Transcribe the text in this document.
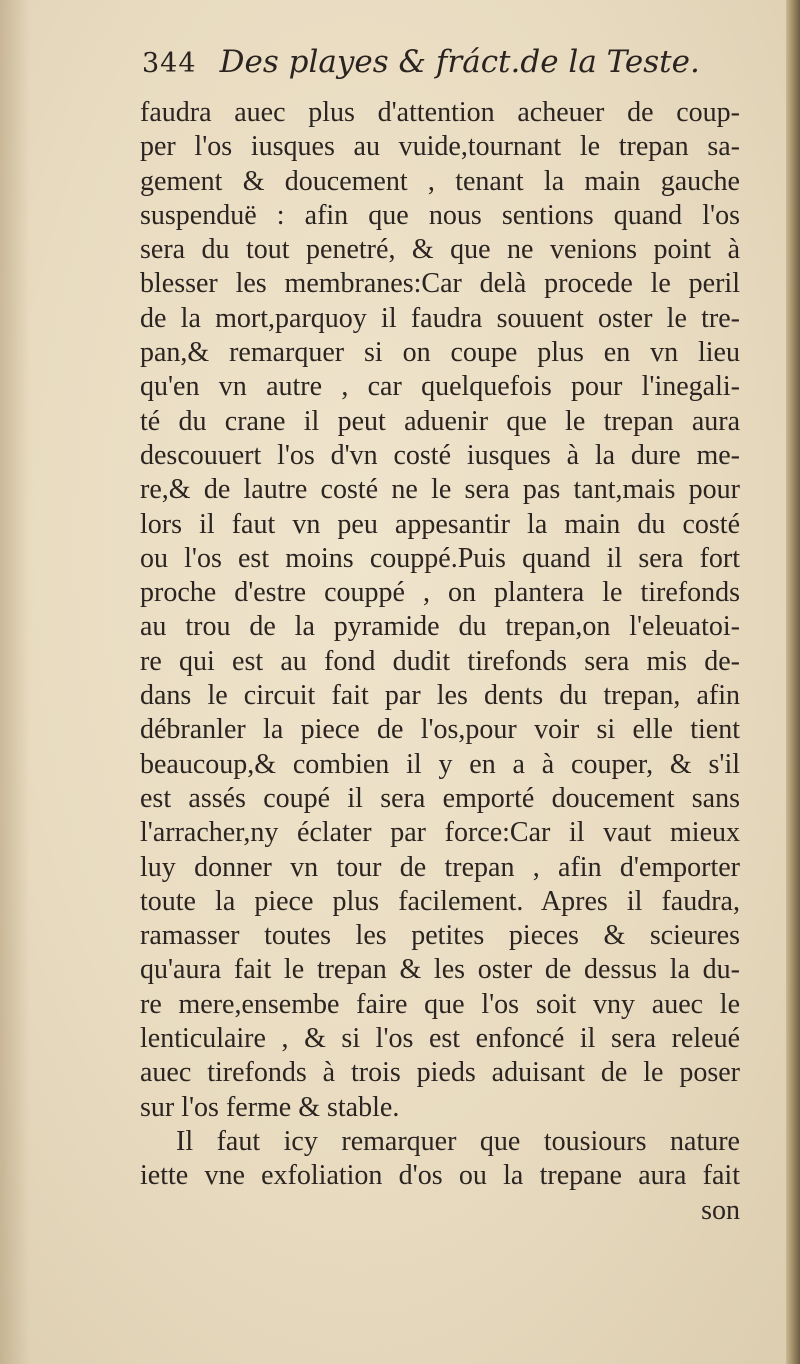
344 Des playes & fráct.de la Teste.
faudra auec plus d'attention acheuer de coup-
per l'os iusques au vuide,tournant le trepan sa-
gement & doucement , tenant la main gauche
suspenduë : afin que nous sentions quand l'os
sera du tout penetré, & que ne venions point à
blesser les membranes:Car delà procede le peril
de la mort,parquoy il faudra souuent oster le tre-
pan,& remarquer si on coupe plus en vn lieu
qu'en vn autre , car quelquefois pour l'inegali-
té du crane il peut aduenir que le trepan aura
descouuert l'os d'vn costé iusques à la dure me-
re,& de lautre costé ne le sera pas tant,mais pour
lors il faut vn peu appesantir la main du costé
ou l'os est moins couppé.Puis quand il sera fort
proche d'estre couppé , on plantera le tirefonds
au trou de la pyramide du trepan,on l'eleuatoi-
re qui est au fond dudit tirefonds sera mis de-
dans le circuit fait par les dents du trepan, afin
débranler la piece de l'os,pour voir si elle tient
beaucoup,& combien il y en a à couper, & s'il
est assés coupé il sera emporté doucement sans
l'arracher,ny éclater par force:Car il vaut mieux
luy donner vn tour de trepan , afin d'emporter
toute la piece plus facilement. Apres il faudra,
ramasser toutes les petites pieces & scieures
qu'aura fait le trepan & les oster de dessus la du-
re mere,ensembe faire que l'os soit vny auec le
lenticulaire , & si l'os est enfoncé il sera releué
auec tirefonds à trois pieds aduisant de le poser
sur l'os ferme & stable.
Il faut icy remarquer que tousiours nature
iette vne exfoliation d'os ou la trepane aura fait
son
